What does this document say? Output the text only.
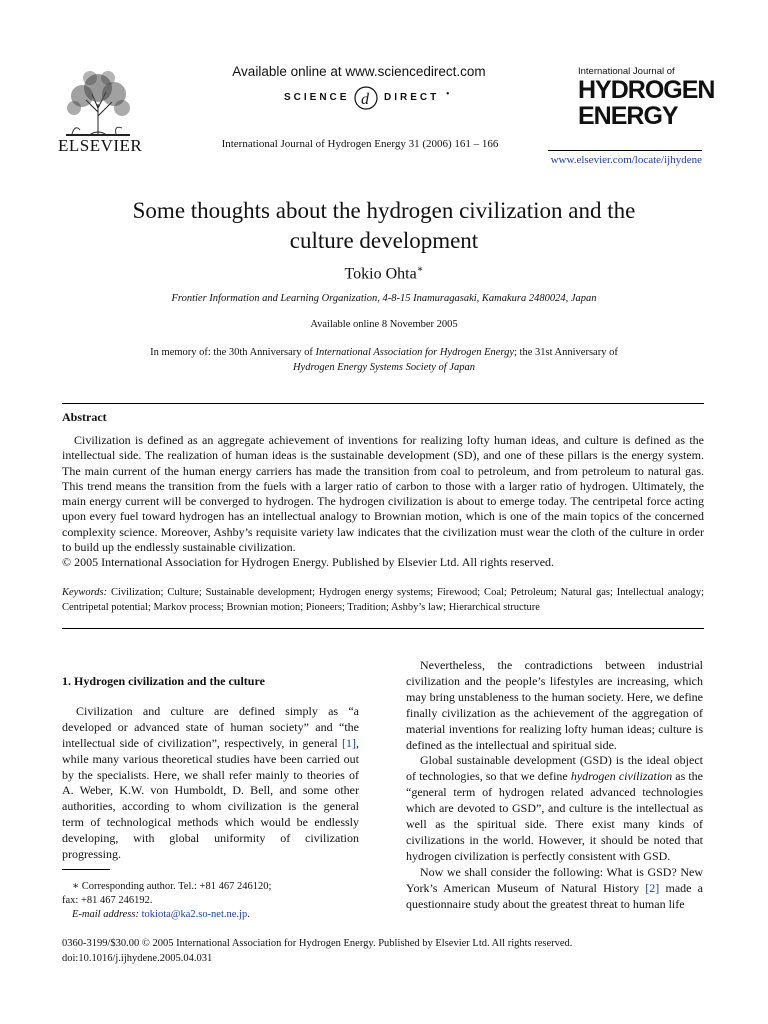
ELSEVIER
Available online at www.sciencedirect.com
SCIENCE d DIRECT •
International Journal of Hydrogen Energy 31 (2006) 161 – 166
International Journal of
HYDROGEN
ENERGY
www.elsevier.com/locate/ijhydene
Some thoughts about the hydrogen civilization and the
culture development
Tokio Ohta∗
Frontier Information and Learning Organization, 4-8-15 Inamuragasaki, Kamakura 2480024, Japan
Available online 8 November 2005
In memory of: the 30th Anniversary of International Association for Hydrogen Energy; the 31st Anniversary of
Hydrogen Energy Systems Society of Japan
Abstract

Civilization is defined as an aggregate achievement of inventions for realizing lofty human ideas, and culture is defined as the intellectual side. The realization of human ideas is the sustainable development (SD), and one of these pillars is the energy system. The main current of the human energy carriers has made the transition from coal to petroleum, and from petroleum to natural gas. This trend means the transition from the fuels with a larger ratio of carbon to those with a larger ratio of hydrogen. Ultimately, the main energy current will be converged to hydrogen. The hydrogen civilization is about to emerge today. The centripetal force acting upon every fuel toward hydrogen has an intellectual analogy to Brownian motion, which is one of the main topics of the concerned complexity science. Moreover, Ashby’s requisite variety law indicates that the civilization must wear the cloth of the culture in order to build up the endlessly sustainable civilization.

© 2005 International Association for Hydrogen Energy. Published by Elsevier Ltd. All rights reserved.
Keywords: Civilization; Culture; Sustainable development; Hydrogen energy systems; Firewood; Coal; Petroleum; Natural gas; Intellectual analogy; Centripetal potential; Markov process; Brownian motion; Pioneers; Tradition; Ashby’s law; Hierarchical structure

1. Hydrogen civilization and the culture

Civilization and culture are defined simply as “a developed or advanced state of human society” and “the intellectual side of civilization”, respectively, in general [1], while many various theoretical studies have been carried out by the specialists. Here, we shall refer mainly to theories of A. Weber, K.W. von Humboldt, D. Bell, and some other authorities, according to whom civilization is the general term of technological methods which would be endlessly developing, with global uniformity of civilization progressing.

Nevertheless, the contradictions between industrial civilization and the people’s lifestyles are increasing, which may bring unstableness to the human society. Here, we define finally civilization as the achievement of the aggregation of material inventions for realizing lofty human ideas; culture is defined as the intellectual and spiritual side.

Global sustainable development (GSD) is the ideal object of technologies, so that we define hydrogen civilization as the “general term of hydrogen related advanced technologies which are devoted to GSD”, and culture is the intellectual as well as the spiritual side. There exist many kinds of civilizations in the world. However, it should be noted that hydrogen civilization is perfectly consistent with GSD.

Now we shall consider the following: What is GSD? New York’s American Museum of Natural History [2] made a questionnaire study about the greatest threat to human life

∗ Corresponding author. Tel.: +81 467 246120;
fax: +81 467 246192.
E-mail address: tokiota@ka2.so-net.ne.jp.
0360-3199/$30.00 © 2005 International Association for Hydrogen Energy. Published by Elsevier Ltd. All rights reserved.
doi:10.1016/j.ijhydene.2005.04.031
